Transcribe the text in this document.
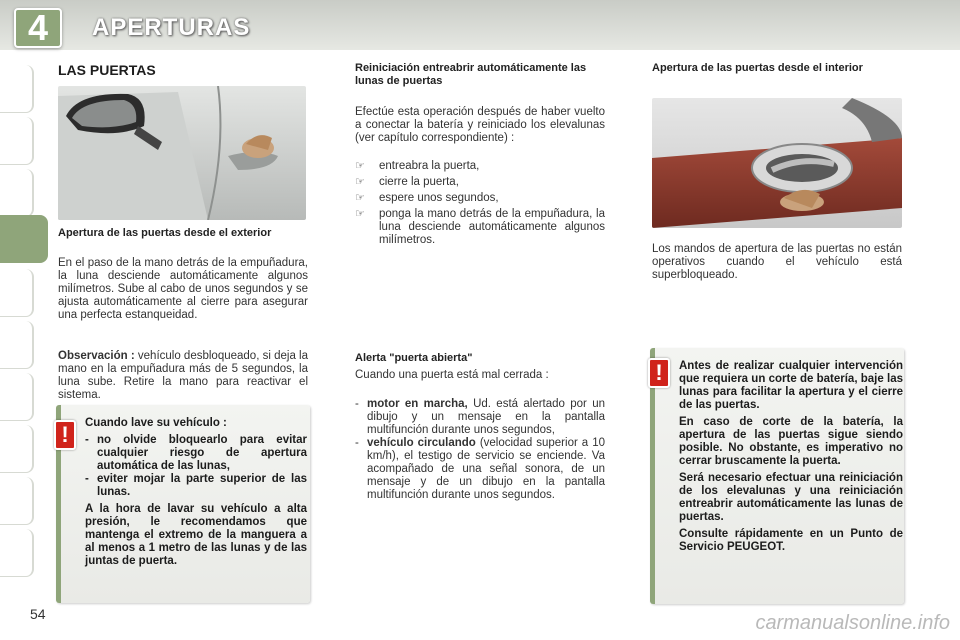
4	APERTURAS
LAS PUERTAS
Apertura de las puertas desde el exterior
En el paso de la mano detrás de la empuñadura, la luna desciende automáticamente algunos milímetros. Sube al cabo de unos segundos y se ajusta automáticamente al cierre para asegurar una perfecta estanqueidad.
Observación : vehículo desbloqueado, si deja la mano en la empuñadura más de 5 segundos, la luna sube. Retire la mano para reactivar el sistema.

Cuando lave su vehículo :

- no olvide bloquearlo para evitar cualquier riesgo de apertura automática de las lunas,
- eviter mojar la parte superior de las lunas.

A la hora de lavar su vehículo a alta presión, le recomendamos que mantenga el extremo de la manguera a al menos a 1 metro de las lunas y de las juntas de puerta.

!
Reiniciación entreabrir automáticamente las lunas de puertas
Efectúe esta operación después de haber vuelto a conectar la batería y reiniciado los elevalunas (ver capítulo correspondiente) :
☞ entreabra la puerta,
☞ cierre la puerta,
☞ espere unos segundos,
☞ ponga la mano detrás de la empuñadura, la luna desciende automáticamente algunos milímetros.
Alerta "puerta abierta"
Cuando una puerta está mal cerrada :
- motor en marcha, Ud. está alertado por un dibujo y un mensaje en la pantalla multifunción durante unos segundos,
- vehículo circulando (velocidad superior a 10 km/h), el testigo de servicio se enciende. Va acompañado de una señal sonora, de un mensaje y de un dibujo en la pantalla multifunción durante unos segundos.
Apertura de las puertas desde el interior
Los mandos de apertura de las puertas no están operativos cuando el vehículo está superbloqueado.

Antes de realizar cualquier intervención que requiera un corte de batería, baje las lunas para facilitar la apertura y el cierre de las puertas.

En caso de corte de la batería, la apertura de las puertas sigue siendo posible. No obstante, es imperativo no cerrar bruscamente la puerta.

Será necesario efectuar una reiniciación de los elevalunas y una reiniciación entreabrir automáticamente las lunas de puertas.

Consulte rápidamente en un Punto de Servicio PEUGEOT.

!
54	carmanualsonline.info
